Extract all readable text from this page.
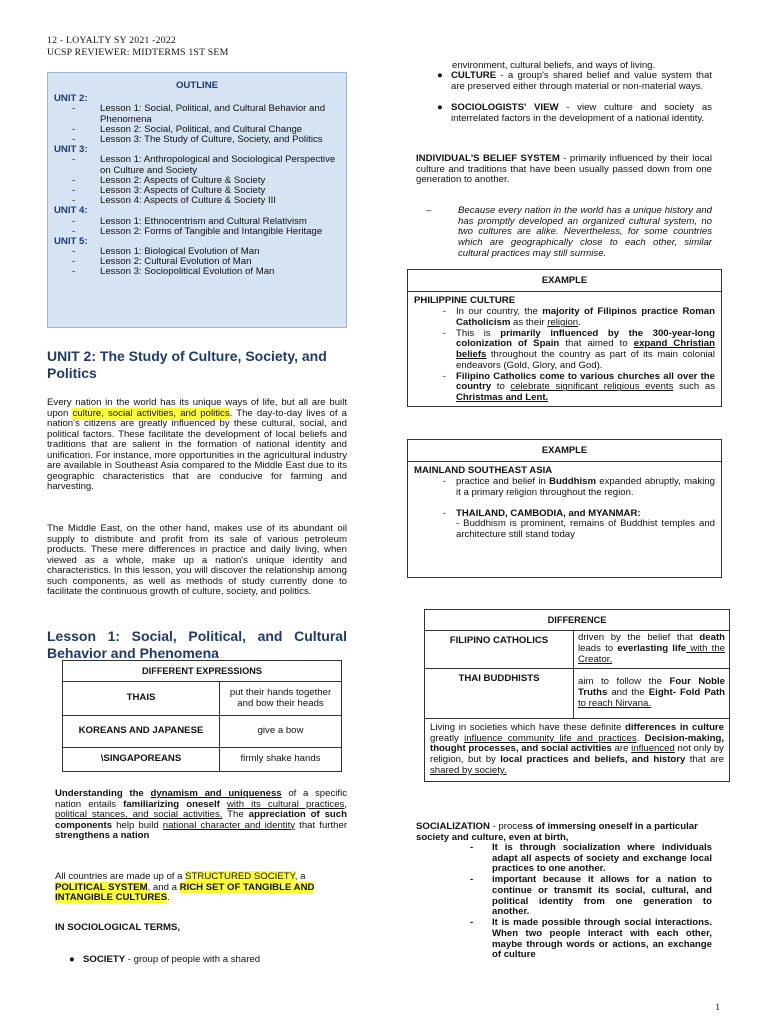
12 - LOYALTY SY 2021 -2022
UCSP REVIEWER: MIDTERMS 1ST SEM
OUTLINE
UNIT 2:
-	Lesson 1: Social, Political, and Cultural Behavior and Phenomena
-	Lesson 2: Social, Political, and Cultural Change
-	Lesson 3: The Study of Culture, Society, and Politics
UNIT 3:
-	Lesson 1: Anthropological and Sociological Perspective on Culture and Society
-	Lesson 2: Aspects of Culture & Society
-	Lesson 3: Aspects of Culture & Society
-	Lesson 4: Aspects of Culture & Society III
UNIT 4:
-	Lesson 1: Ethnocentrism and Cultural Relativism
-	Lesson 2: Forms of Tangible and Intangible Heritage
UNIT 5:
-	Lesson 1: Biological Evolution of Man
-	Lesson 2: Cultural Evolution of Man
-	Lesson 3: Sociopolitical Evolution of Man
UNIT 2: The Study of Culture, Society, and Politics

Every nation in the world has its unique ways of life, but all are built upon culture, social activities, and politics. The day-to-day lives of a nation's citizens are greatly influenced by these cultural, social, and political factors. These facilitate the development of local beliefs and traditions that are salient in the formation of national identity and unification. For instance, more opportunities in the agricultural industry are available in Southeast Asia compared to the Middle East due to its geographic characteristics that are conducive for farming and harvesting.

The Middle East, on the other hand, makes use of its abundant oil supply to distribute and profit from its sale of various petroleum products. These mere differences in practice and daily living, when viewed as a whole, make up a nation's unique identity and characteristics. In this lesson, you will discover the relationship among such components, as well as methods of study currently done to facilitate the continuous growth of culture, society, and politics.

Lesson 1: Social, Political, and Cultural Behavior and Phenomena
DIFFERENT EXPRESSIONS	
THAIS	put their hands together and bow their heads
KOREANS AND JAPANESE	give a bow
\SINGAPOREANS	firmly shake hands

Understanding the dynamism and uniqueness of a specific nation entails familiarizing oneself with its cultural practices, political stances, and social activities. The appreciation of such components help build national character and identity that further strengthens a nation

All countries are made up of a STRUCTURED SOCIETY, a POLITICAL SYSTEM, and a RICH SET OF TANGIBLE AND INTANGIBLE CULTURES.

IN SOCIOLOGICAL TERMS,
● SOCIETY - group of people with a shared
environment, cultural beliefs, and ways of living.
● CULTURE - a group's shared belief and value system that are preserved either through material or non-material ways.
● SOCIOLOGISTS' VIEW - view culture and society as interrelated factors in the development of a national identity.

INDIVIDUAL'S BELIEF SYSTEM - primarily influenced by their local culture and traditions that have been usually passed down from one generation to another.

–	Because every nation in the world has a unique history and has promptly developed an organized cultural system, no two cultures are alike. Nevertheless, for some countries which are geographically close to each other, similar cultural practices may still surmise.
EXAMPLE
PHILIPPINE CULTURE
-	In our country, the majority of Filipinos practice Roman Catholicism as their religion.
-	This is primarily influenced by the 300-year-long colonization of Spain that aimed to expand Christian beliefs throughout the country as part of its main colonial endeavors (Gold, Glory, and God).
-	Filipino Catholics come to various churches all over the country to celebrate significant religious events such as Christmas and Lent.
EXAMPLE
MAINLAND SOUTHEAST ASIA
-	practice and belief in Buddhism expanded abruptly, making it a primary religion throughout the region.
-	THAILAND, CAMBODIA, and MYANMAR:
- Buddhism is prominent, remains of Buddhist temples and architecture still stand today
DIFFERENCE	
FILIPINO CATHOLICS	driven by the belief that death leads to everlasting life with the Creator.
THAI BUDDHISTS	aim to follow the Four Noble Truths and the Eight- Fold Path to reach Nirvana.
Living in societies which have these definite differences in culture greatly influence community life and practices. Decision-making, thought processes, and social activities are influenced not only by religion, but by local practices and beliefs, and history that are shared by society.	

SOCIALIZATION - process of immersing oneself in a particular society and culture, even at birth,

-	It is through socialization where individuals adapt all aspects of society and exchange local practices to one another.
-	important because it allows for a nation to continue or transmit its social, cultural, and political identity from one generation to another.
-	It is made possible through social interactions. When two people interact with each other, maybe through words or actions, an exchange of culture
1
